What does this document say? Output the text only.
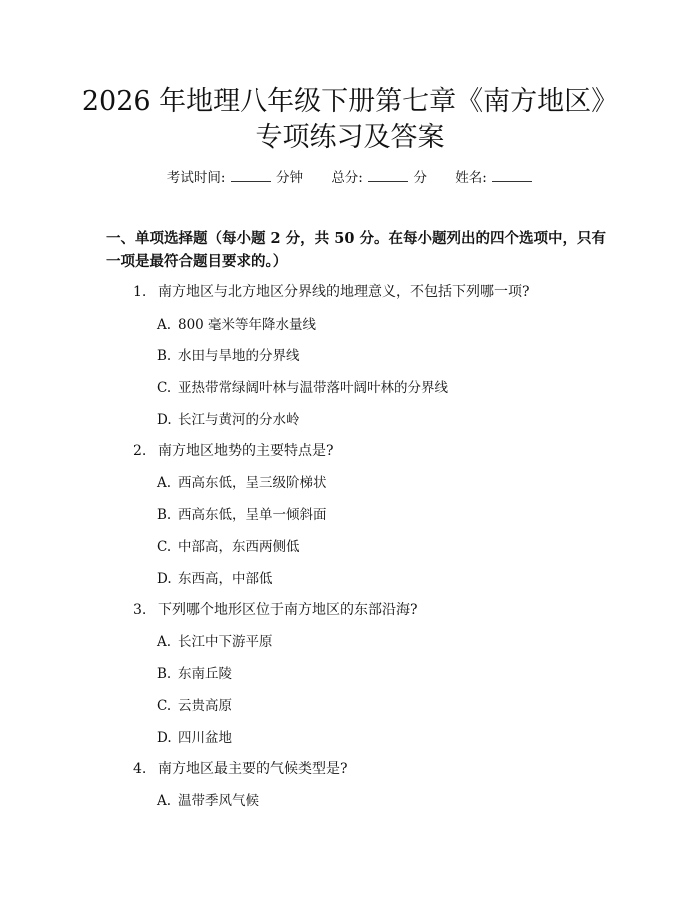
2026 年地理八年级下册第七章《南方地区》
专项练习及答案
考试时间:	分钟 总分:	分 姓名:

一、单项选择题（每小题 2 分，共 50 分。在每小题列出的四个选项中，只有一项是最符合题目要求的。）

1. 南方地区与北方地区分界线的地理意义，不包括下列哪一项?
A. 800 毫米等年降水量线
B. 水田与旱地的分界线
C. 亚热带常绿阔叶林与温带落叶阔叶林的分界线
D. 长江与黄河的分水岭
2. 南方地区地势的主要特点是?
A. 西高东低，呈三级阶梯状
B. 西高东低，呈单一倾斜面
C. 中部高，东西两侧低
D. 东西高，中部低
3. 下列哪个地形区位于南方地区的东部沿海?
A. 长江中下游平原
B. 东南丘陵
C. 云贵高原
D. 四川盆地
4. 南方地区最主要的气候类型是?
A. 温带季风气候
